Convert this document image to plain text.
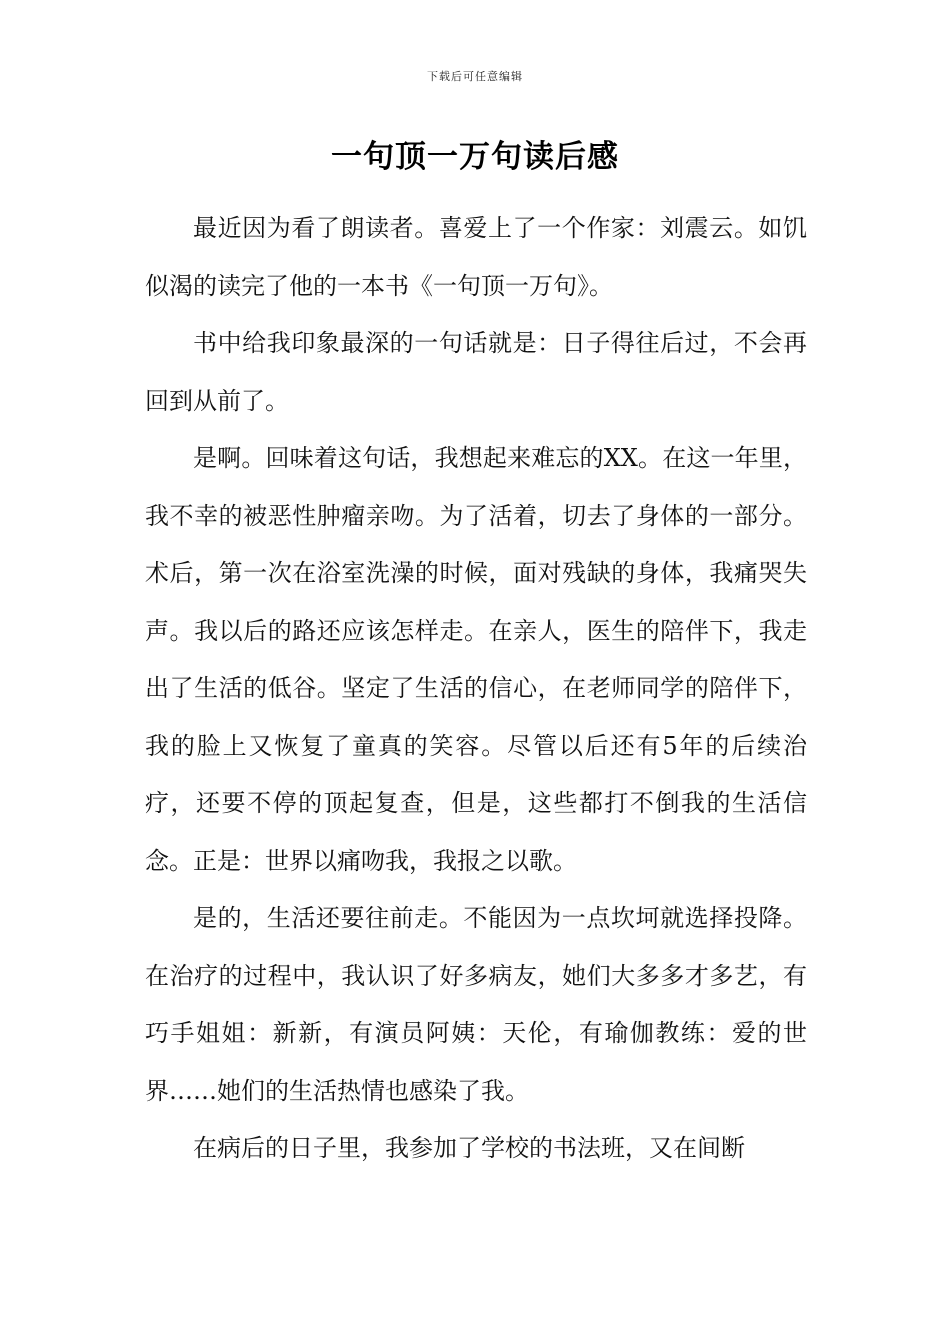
下载后可任意编辑
一句顶一万句读后感

最近因为看了朗读者。喜爱上了一个作家：刘震云。如饥似渴的读完了他的一本书《一句顶一万句》。

书中给我印象最深的一句话就是：日子得往后过，不会再回到从前了。

是啊。回味着这句话，我想起来难忘的XX。在这一年里，我不幸的被恶性肿瘤亲吻。为了活着，切去了身体的一部分。术后，第一次在浴室洗澡的时候，面对残缺的身体，我痛哭失声。我以后的路还应该怎样走。在亲人，医生的陪伴下，我走出了生活的低谷。坚定了生活的信心，在老师同学的陪伴下，我的脸上又恢复了童真的笑容。尽管以后还有5年的后续治疗，还要不停的顶起复查，但是，这些都打不倒我的生活信念。正是：世界以痛吻我，我报之以歌。

是的，生活还要往前走。不能因为一点坎坷就选择投降。在治疗的过程中，我认识了好多病友，她们大多多才多艺，有巧手姐姐：新新，有演员阿姨：天伦，有瑜伽教练：爱的世界……她们的生活热情也感染了我。

在病后的日子里，我参加了学校的书法班，又在间断
